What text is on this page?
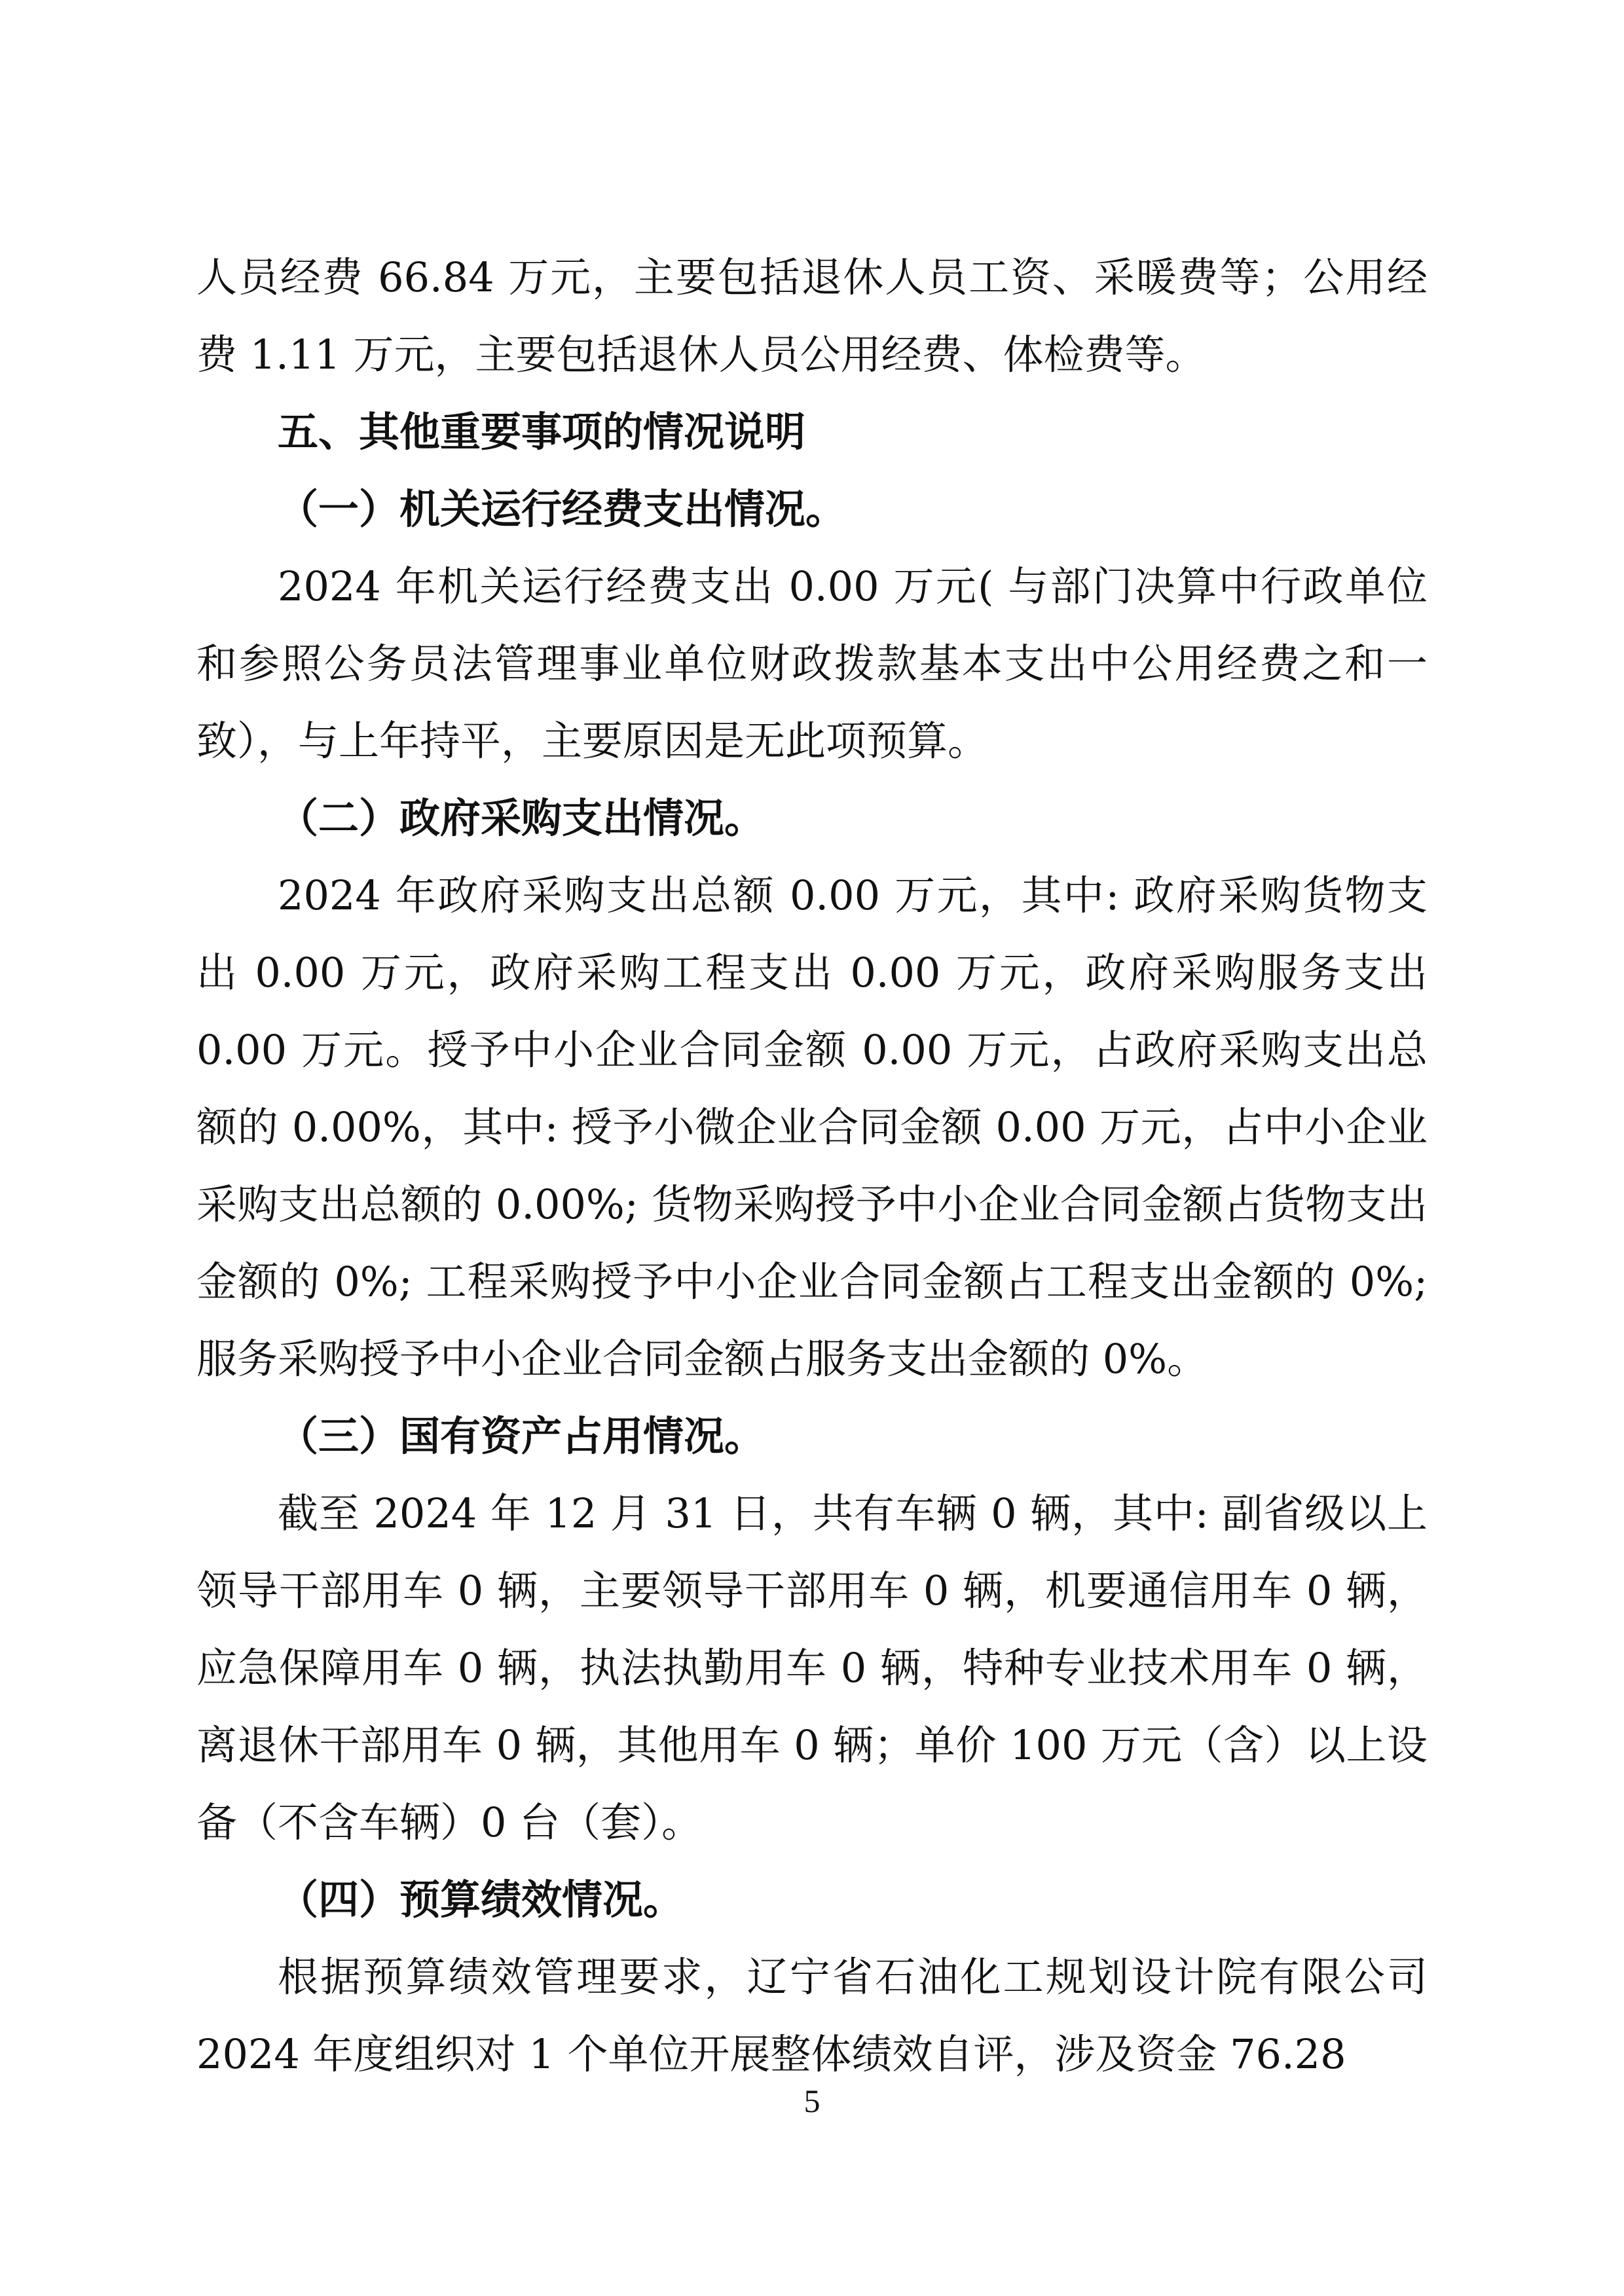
人员经费 66.84 万元，主要包括退休人员工资、采暖费等；公用经费 1.11 万元，主要包括退休人员公用经费、体检费等。

五、其他重要事项的情况说明

（一）机关运行经费支出情况。

2024 年机关运行经费支出 0.00 万元( 与部门决算中行政单位和参照公务员法管理事业单位财政拨款基本支出中公用经费之和一致），与上年持平，主要原因是无此项预算。

（二）政府采购支出情况。

2024 年政府采购支出总额 0.00 万元，其中: 政府采购货物支出 0.00 万元，政府采购工程支出 0.00 万元，政府采购服务支出 0.00 万元。授予中小企业合同金额 0.00 万元，占政府采购支出总额的 0.00%，其中: 授予小微企业合同金额 0.00 万元，占中小企业采购支出总额的 0.00%; 货物采购授予中小企业合同金额占货物支出金额的 0%; 工程采购授予中小企业合同金额占工程支出金额的 0%; 服务采购授予中小企业合同金额占服务支出金额的 0%。

（三）国有资产占用情况。

截至 2024 年 12 月 31 日，共有车辆 0 辆，其中: 副省级以上领导干部用车 0 辆，主要领导干部用车 0 辆，机要通信用车 0 辆，应急保障用车 0 辆，执法执勤用车 0 辆，特种专业技术用车 0 辆，离退休干部用车 0 辆，其他用车 0 辆；单价 100 万元（含）以上设备（不含车辆）0 台（套）。

（四）预算绩效情况。

根据预算绩效管理要求，辽宁省石油化工规划设计院有限公司 2024 年度组织对 1 个单位开展整体绩效自评，涉及资金 76.28

5
